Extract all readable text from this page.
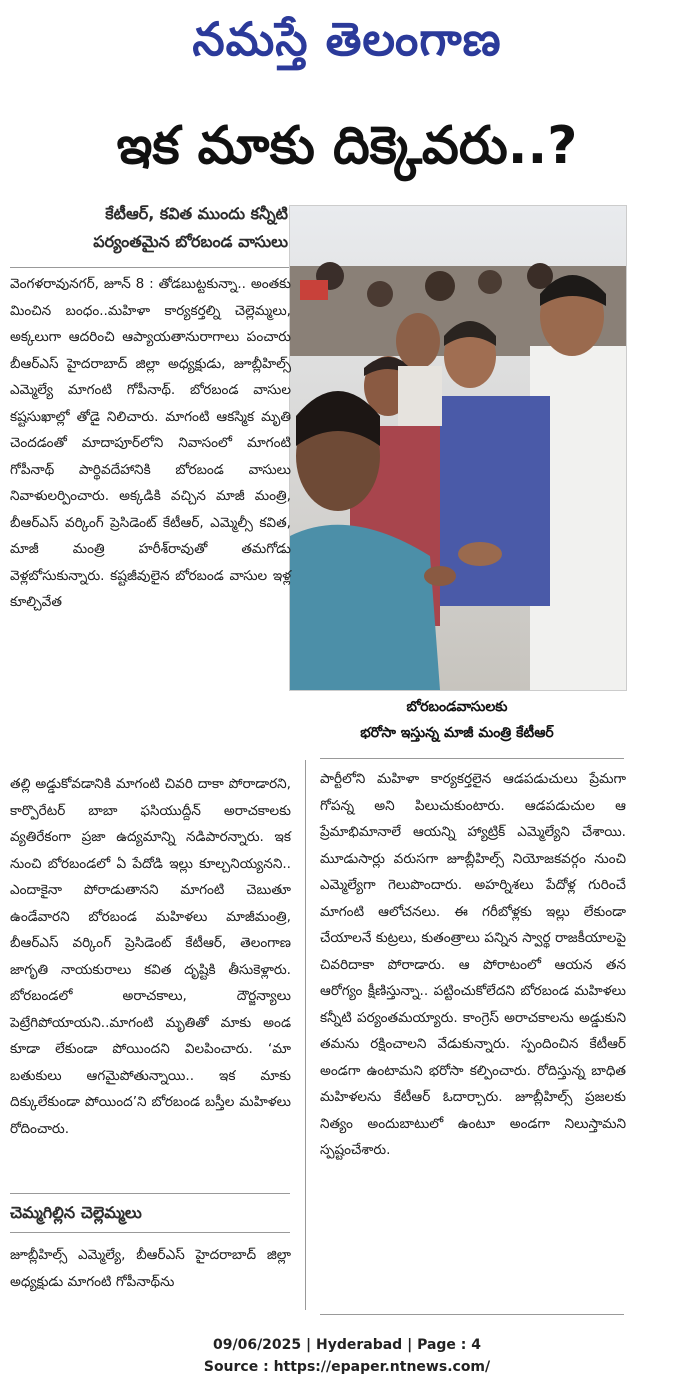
నమస్తే తెలంగాణ
ఇక మాకు దిక్కెవరు..?
కేటీఆర్, కవిత ముందు కన్నీటి
పర్యంతమైన బోరబండ వాసులు
బోరబండవాసులకు
భరోసా ఇస్తున్న మాజీ మంత్రి కేటీఆర్

వెంగళరావునగర్, జూన్ 8 : తోడబుట్టకున్నా.. అంతకు మించిన బంధం..మహిళా కార్యకర్తల్ని చెల్లెమ్మలు, అక్కలుగా ఆదరించి ఆప్యాయతానురాగాలు పంచారు బీఆర్‌ఎస్ హైదరాబాద్ జిల్లా అధ్యక్షుడు, జూబ్లీహిల్స్ ఎమ్మెల్యే మాగంటి గోపీనాథ్. బోరబండ వాసుల కష్టసుఖాల్లో తోడై నిలిచారు. మాగంటి ఆకస్మిక మృతి చెందడంతో మాదాపూర్‌లోని నివాసంలో మాగంటి గోపీనాథ్ పార్థివదేహానికి బోరబండ వాసులు నివాళులర్పించారు. అక్కడికి వచ్చిన మాజీ మంత్రి, బీఆర్‌ఎస్ వర్కింగ్ ప్రెసిడెంట్ కేటీఆర్, ఎమ్మెల్సీ కవిత, మాజీ మంత్రి హరీశ్‌రావుతో తమగోడు వెళ్లబోసుకున్నారు. కష్టజీవులైన బోరబండ వాసుల ఇళ్ల కూల్చివేత

తల్లి అడ్డుకోవడానికి మాగంటి చివరి దాకా పోరాడారని, కార్పొరేటర్ బాబా ఫసియుద్దీన్ అరాచకాలకు వ్యతిరేకంగా ప్రజా ఉద్యమాన్ని నడిపారన్నారు. ఇక నుంచి బోరబండలో ఏ పేదోడి ఇల్లు కూల్చనియ్యనని.. ఎందాకైనా పోరాడుతానని మాగంటి చెబుతూ ఉండేవారని బోరబండ మహిళలు మాజీమంత్రి, బీఆర్‌ఎస్ వర్కింగ్ ప్రెసిడెంట్ కేటీఆర్, తెలంగాణ జాగృతి నాయకురాలు కవిత దృష్టికి తీసుకెళ్లారు. బోరబండలో అరాచకాలు, దౌర్జన్యాలు పెట్రేగిపోయాయని..మాగంటి మృతితో మాకు అండ కూడా లేకుండా పోయిందని విలపించారు. ‘మా బతుకులు ఆగమైపోతున్నాయి.. ఇక మాకు దిక్కులేకుండా పోయింద’ని బోరబండ బస్తీల మహిళలు రోదించారు.

చెమ్మగిల్లిన చెల్లెమ్మలు

జూబ్లీహిల్స్ ఎమ్మెల్యే, బీఆర్‌ఎస్ హైదరాబాద్ జిల్లా అధ్యక్షుడు మాగంటి గోపీనాథ్‌ను

పార్టీలోని మహిళా కార్యకర్తలైన ఆడపడుచులు ప్రేమగా గోపన్న అని పిలుచుకుంటారు. ఆడపడుచుల ఆ ప్రేమాభిమానాలే ఆయన్ని హ్యాట్రిక్ ఎమ్మెల్యేని చేశాయి. మూడుసార్లు వరుసగా జూబ్లీహిల్స్ నియోజకవర్గం నుంచి ఎమ్మెల్యేగా గెలుపొందారు. అహర్నిశలు పేదోళ్ల గురించే మాగంటి ఆలోచనలు. ఈ గరీబోళ్లకు ఇల్లు లేకుండా చేయాలనే కుట్రలు, కుతంత్రాలు పన్నిన స్వార్థ రాజకీయాలపై చివరిదాకా పోరాడారు. ఆ పోరాటంలో ఆయన తన ఆరోగ్యం క్షీణిస్తున్నా.. పట్టించుకోలేదని బోరబండ మహిళలు కన్నీటి పర్యంతమయ్యారు. కాంగ్రెస్ అరాచకాలను అడ్డుకుని తమను రక్షించాలని వేడుకున్నారు. స్పందించిన కేటీఆర్ అండగా ఉంటామని భరోసా కల్పించారు. రోదిస్తున్న బాధిత మహిళలను కేటీఆర్ ఓదార్చారు. జూబ్లీహిల్స్ ప్రజలకు నిత్యం అందుబాటులో ఉంటూ అండగా నిలుస్తామని స్పష్టంచేశారు.

09/06/2025 | Hyderabad | Page : 4
Source : https://epaper.ntnews.com/
